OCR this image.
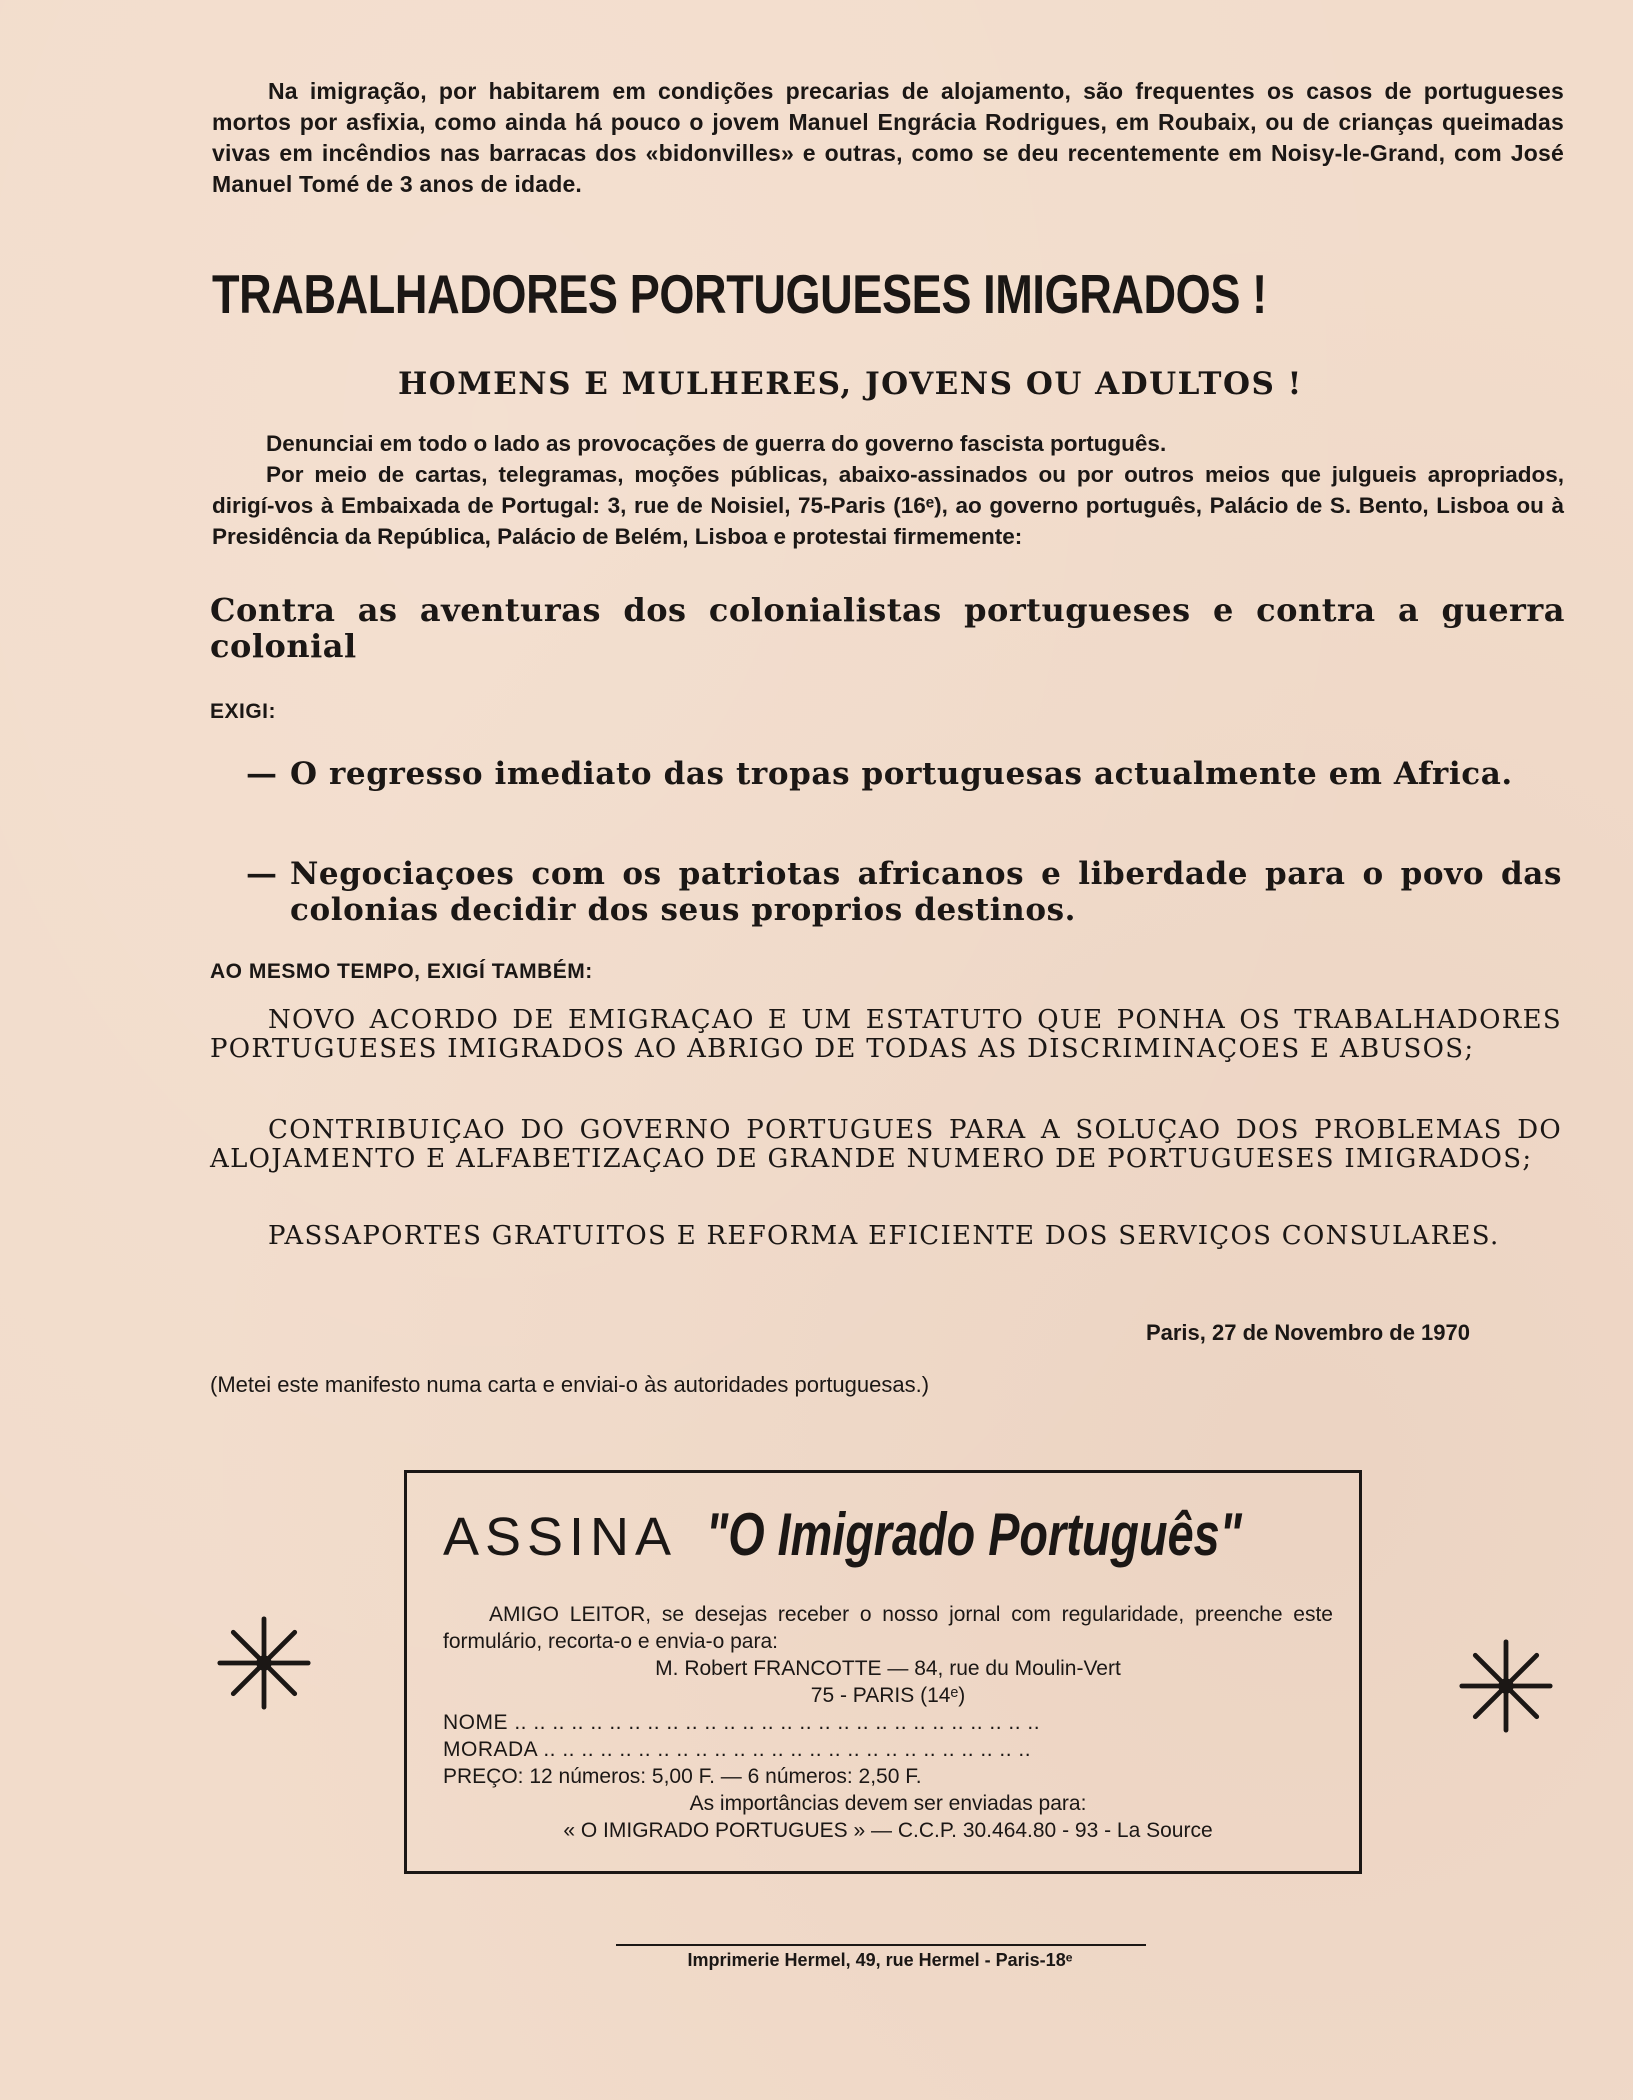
Na imigração, por habitarem em condições precarias de alojamento, são frequentes os casos de portugueses mortos por asfixia, como ainda há pouco o jovem Manuel Engrácia Rodrigues, em Roubaix, ou de crianças queimadas vivas em incêndios nas barracas dos «bidonvilles» e outras, como se deu recentemente em Noisy-le-Grand, com José Manuel Tomé de 3 anos de idade.
TRABALHADORES PORTUGUESES IMIGRADOS !
HOMENS E MULHERES, JOVENS OU ADULTOS !

Denunciai em todo o lado as provocações de guerra do governo fascista português.

Por meio de cartas, telegramas, moções públicas, abaixo-assinados ou por outros meios que julgueis apropriados, dirigí-vos à Embaixada de Portugal: 3, rue de Noisiel, 75-Paris (16ᵉ), ao governo português, Palácio de S. Bento, Lisboa ou à Presidência da República, Palácio de Belém, Lisboa e protestai firmemente:

Contra as aventuras dos colonialistas portugueses e contra a guerra colonial
EXIGI:
— O regresso imediato das tropas portuguesas actualmente em Africa.
— Negociaçoes com os patriotas africanos e liberdade para o povo das colonias decidir dos seus proprios destinos.
AO MESMO TEMPO, EXIGÍ TAMBÉM:

NOVO ACORDO DE EMIGRAÇAO E UM ESTATUTO QUE PONHA OS TRABALHADORES PORTUGUESES IMIGRADOS AO ABRIGO DE TODAS AS DISCRIMINAÇOES E ABUSOS;

CONTRIBUIÇAO DO GOVERNO PORTUGUES PARA A SOLUÇAO DOS PROBLEMAS DO ALOJAMENTO E ALFABETIZAÇAO DE GRANDE NUMERO DE PORTUGUESES IMIGRADOS;

PASSAPORTES GRATUITOS E REFORMA EFICIENTE DOS SERVIÇOS CONSULARES.

Paris, 27 de Novembro de 1970
(Metei este manifesto numa carta e enviai-o às autoridades portuguesas.)
ASSINA "O Imigrado Português"

AMIGO LEITOR, se desejas receber o nosso jornal com regularidade, preenche este formulário, recorta-o e envia-o para:

M. Robert FRANCOTTE — 84, rue du Moulin-Vert

75 - PARIS (14ᵉ)

NOME .. .. .. .. .. .. .. .. .. .. .. .. .. .. .. .. .. .. .. .. .. .. .. .. .. .. .. ..

MORADA .. .. .. .. .. .. .. .. .. .. .. .. .. .. .. .. .. .. .. .. .. .. .. .. .. ..

PREÇO: 12 números: 5,00 F. — 6 números: 2,50 F.

As importâncias devem ser enviadas para:

« O IMIGRADO PORTUGUES » — C.C.P. 30.464.80 - 93 - La Source

Imprimerie Hermel, 49, rue Hermel - Paris-18ᵉ
